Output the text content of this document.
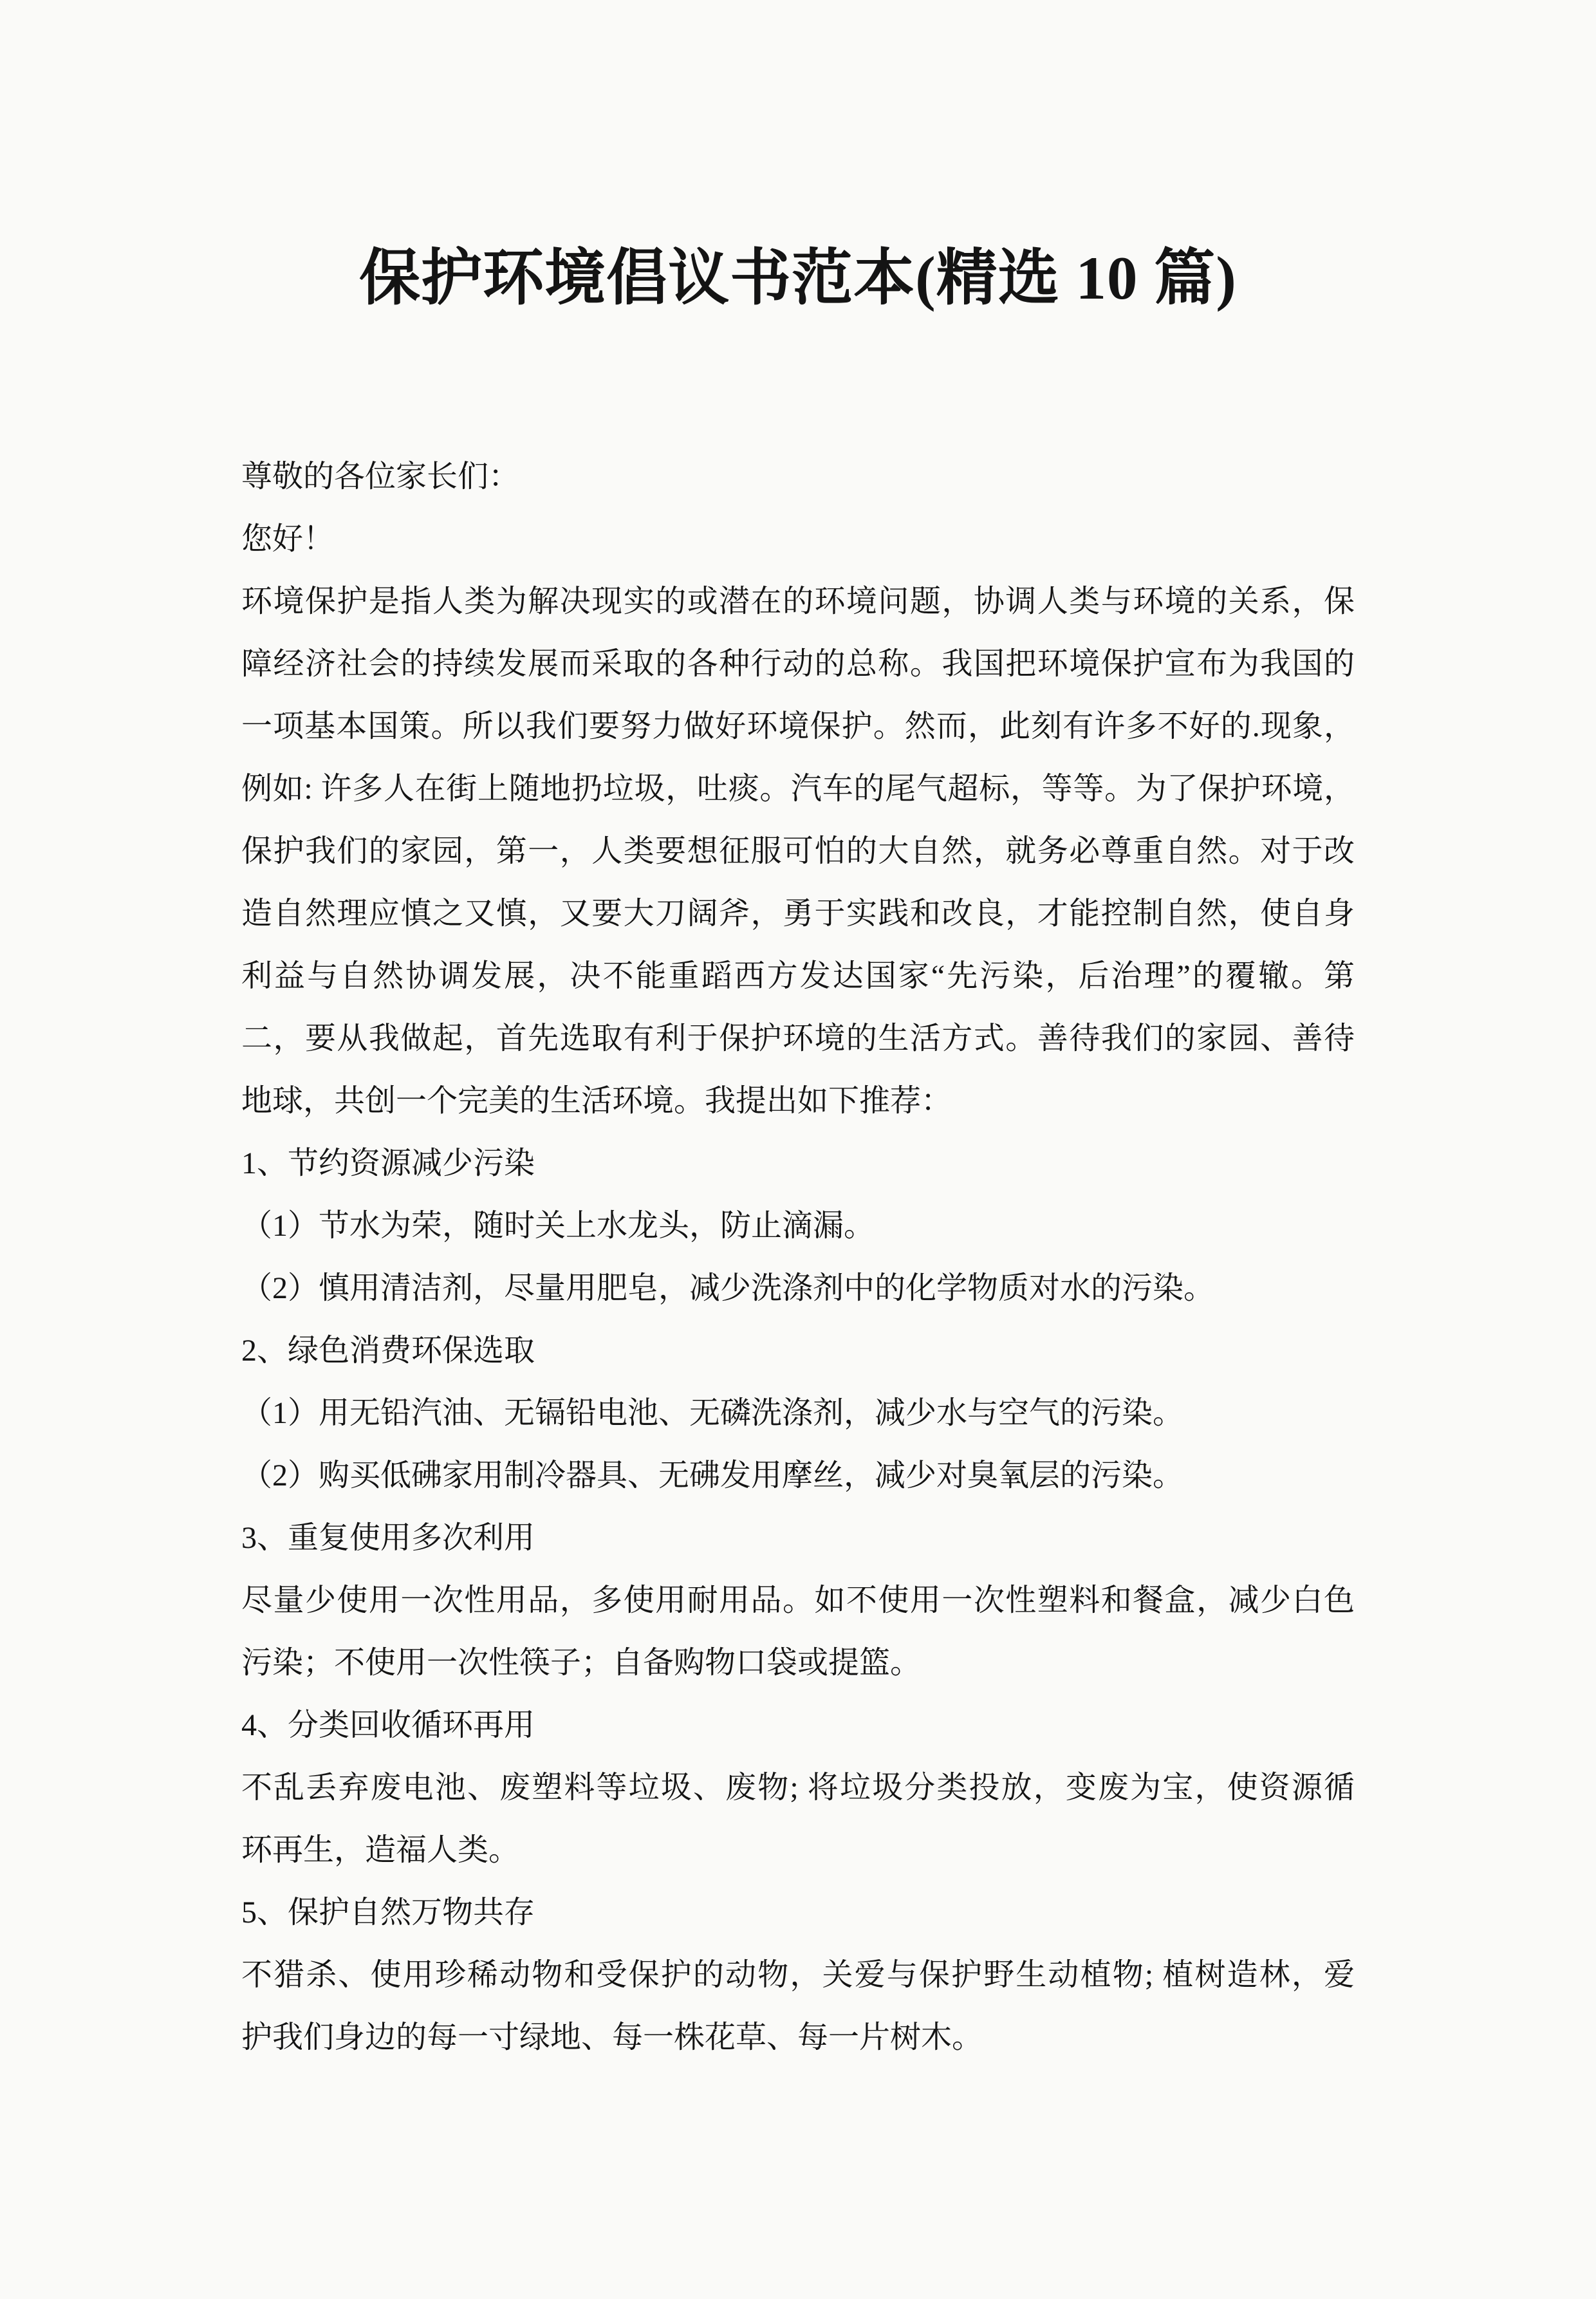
保护环境倡议书范本(精选 10 篇)
尊敬的各位家长们：
您好！
环境保护是指人类为解决现实的或潜在的环境问题，协调人类与环境的关系，保
障经济社会的持续发展而采取的各种行动的总称。我国把环境保护宣布为我国的
一项基本国策。所以我们要努力做好环境保护。然而，此刻有许多不好的.现象，
例如: 许多人在街上随地扔垃圾，吐痰。汽车的尾气超标，等等。为了保护环境，
保护我们的家园，第一，人类要想征服可怕的大自然，就务必尊重自然。对于改
造自然理应慎之又慎，又要大刀阔斧，勇于实践和改良，才能控制自然，使自身
利益与自然协调发展，决不能重蹈西方发达国家“先污染，后治理”的覆辙。第
二，要从我做起，首先选取有利于保护环境的生活方式。善待我们的家园、善待
地球，共创一个完美的生活环境。我提出如下推荐：
1、节约资源减少污染
（1）节水为荣，随时关上水龙头，防止滴漏。
（2）慎用清洁剂，尽量用肥皂，减少洗涤剂中的化学物质对水的污染。
2、绿色消费环保选取
（1）用无铅汽油、无镉铅电池、无磷洗涤剂，减少水与空气的污染。
（2）购买低砩家用制冷器具、无砩发用摩丝，减少对臭氧层的污染。
3、重复使用多次利用
尽量少使用一次性用品，多使用耐用品。如不使用一次性塑料和餐盒，减少白色
污染；不使用一次性筷子；自备购物口袋或提篮。
4、分类回收循环再用
不乱丢弃废电池、废塑料等垃圾、废物; 将垃圾分类投放，变废为宝，使资源循
环再生，造福人类。
5、保护自然万物共存
不猎杀、使用珍稀动物和受保护的动物，关爱与保护野生动植物; 植树造林，爱
护我们身边的每一寸绿地、每一株花草、每一片树木。
